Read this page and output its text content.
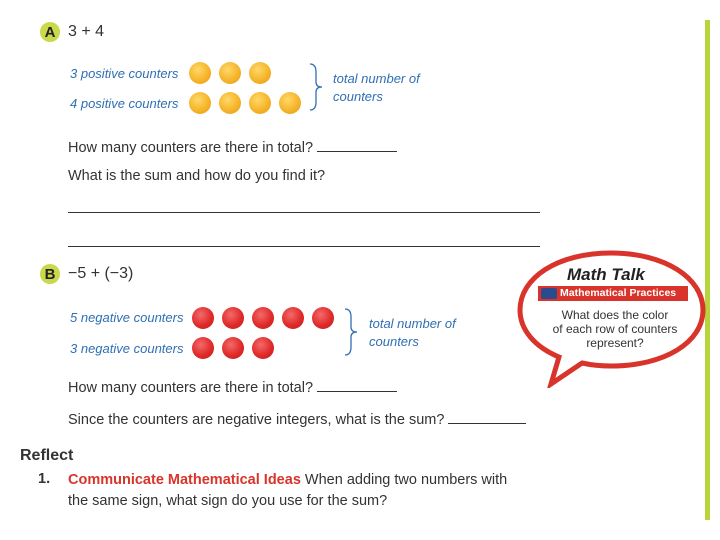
A 3 + 4
3 positive counters
4 positive counters
total number of
counters
How many counters are there in total?
What is the sum and how do you find it?
B −5 + (−3)
5 negative counters
3 negative counters
total number of
counters
How many counters are there in total?
Since the counters are negative integers, what is the sum?
Math Talk
Mathematical Practices
What does the color
of each row of counters
represent?
Reflect
1. Communicate Mathematical Ideas When adding two numbers with
the same sign, what sign do you use for the sum?
